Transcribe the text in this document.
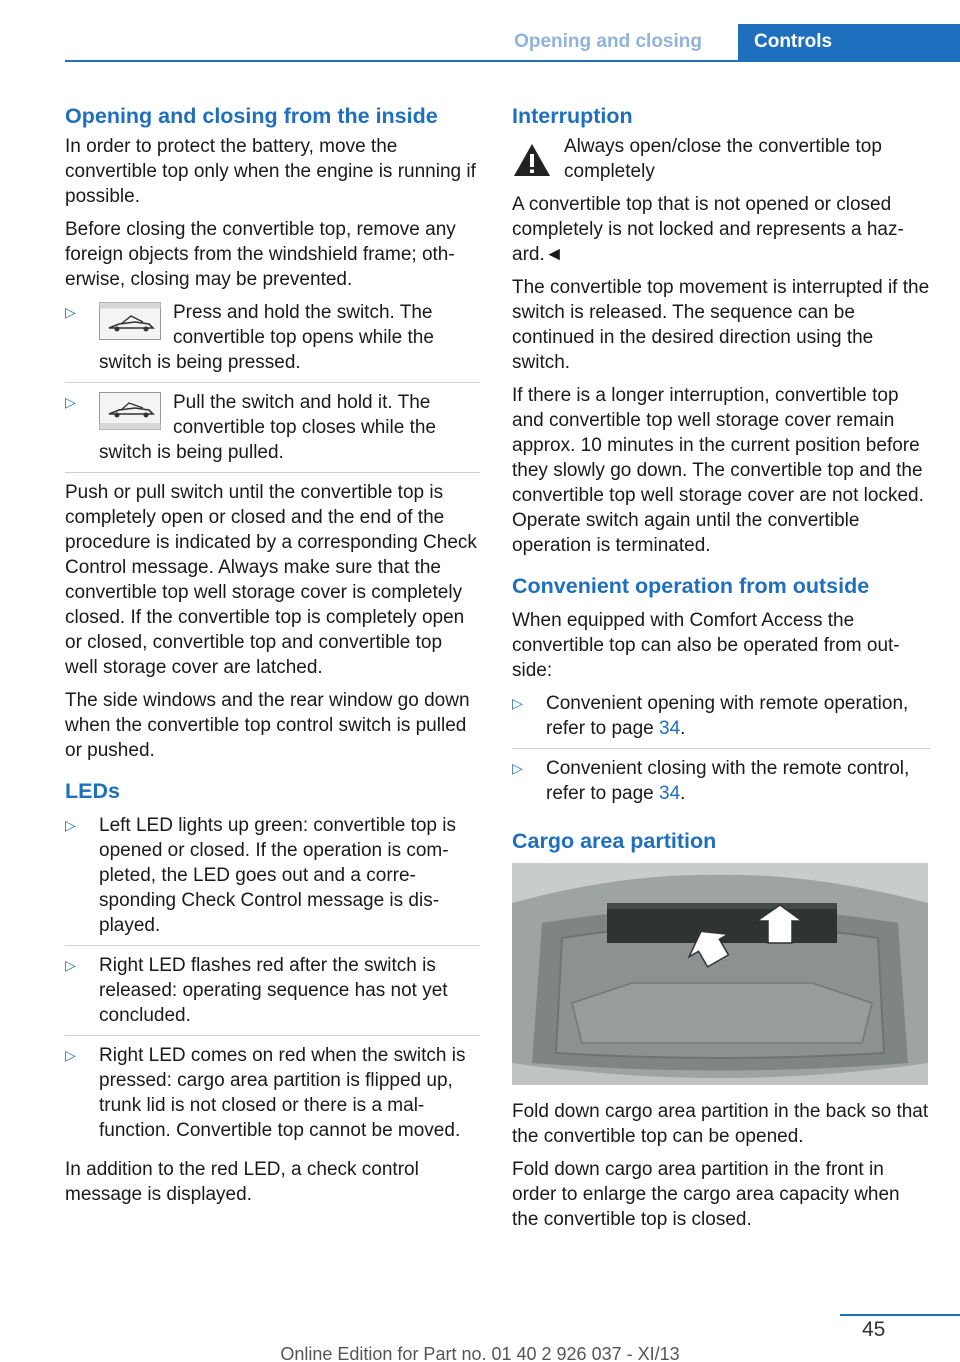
Opening and closing	Controls
Opening and closing from the inside

In order to protect the battery, move the convertible top only when the engine is running if possible.

Before closing the convertible top, remove any foreign objects from the windshield frame; otherwise, closing may be prevented.

▷	Press and hold the switch. The convertible top opens while the switch is being pressed.
▷	Pull the switch and hold it. The convertible top closes while the switch is being pulled.

Push or pull switch until the convertible top is completely open or closed and the end of the procedure is indicated by a corresponding Check Control message. Always make sure that the convertible top well storage cover is completely closed. If the convertible top is completely open or closed, convertible top and convertible top well storage cover are latched.

The side windows and the rear window go down when the convertible top control switch is pulled or pushed.

LEDs
▷ Left LED lights up green: convertible top is opened or closed. If the operation is completed, the LED goes out and a corresponding Check Control message is displayed.
▷ Right LED flashes red after the switch is released: operating sequence has not yet concluded.
▷ Right LED comes on red when the switch is pressed: cargo area partition is flipped up, trunk lid is not closed or there is a malfunction. Convertible top cannot be moved.

In addition to the red LED, a check control message is displayed.

Interruption
Always open/close the convertible top completely

A convertible top that is not opened or closed completely is not locked and represents a hazard.◄

The convertible top movement is interrupted if the switch is released. The sequence can be continued in the desired direction using the switch.

If there is a longer interruption, convertible top and convertible top well storage cover remain approx. 10 minutes in the current position before they slowly go down. The convertible top and the convertible top well storage cover are not locked. Operate switch again until the convertible operation is terminated.

Convenient operation from outside

When equipped with Comfort Access the convertible top can also be operated from outside:

▷ Convenient opening with remote operation, refer to page 34.
▷ Convenient closing with the remote control, refer to page 34.
Cargo area partition

Fold down cargo area partition in the back so that the convertible top can be opened.

Fold down cargo area partition in the front in order to enlarge the cargo area capacity when the convertible top is closed.

45
Online Edition for Part no. 01 40 2 926 037 - XI/13
